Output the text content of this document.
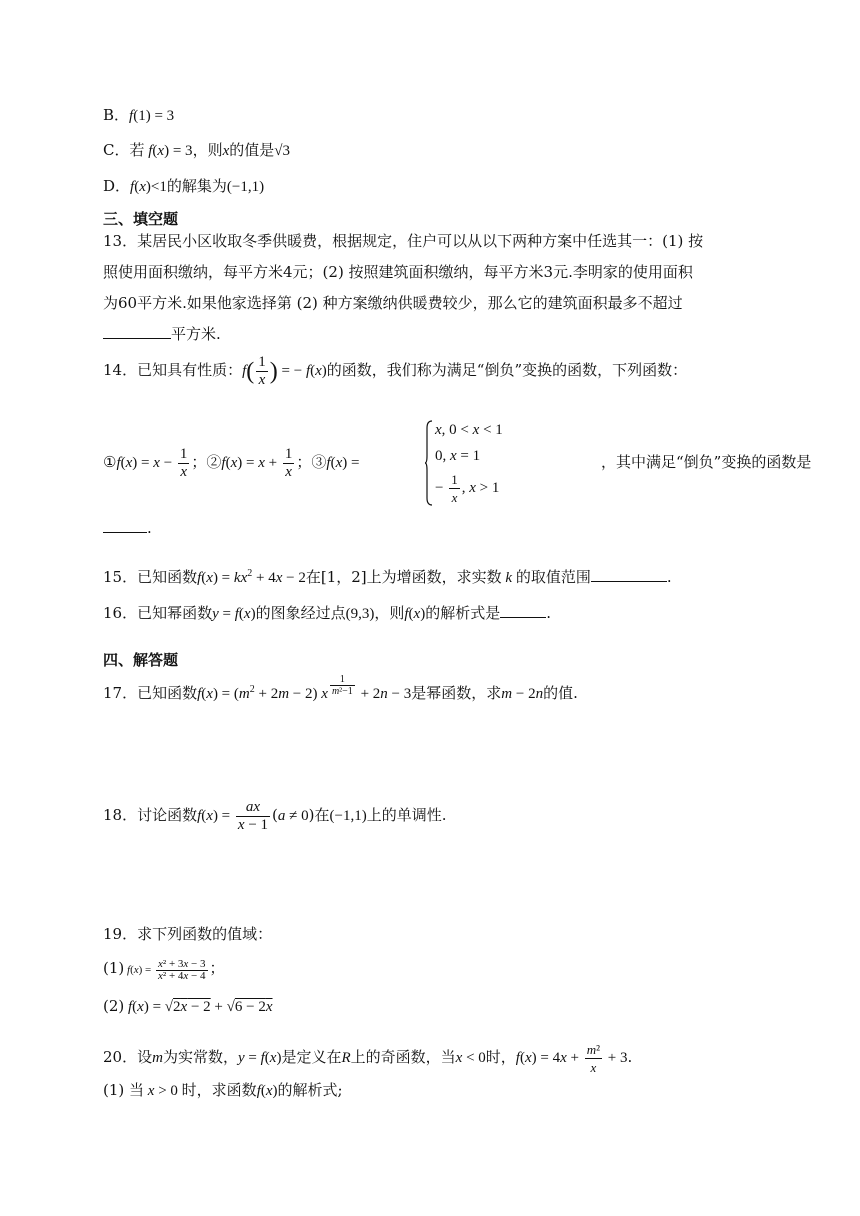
B．f(1) = 3
C．若 f(x) = 3，则x的值是√3
D．f(x)<1的解集为(−1,1)
三、填空题
13．某居民小区收取冬季供暖费，根据规定，住户可以从以下两种方案中任选其一：(1) 按
照使用面积缴纳，每平方米4元；(2) 按照建筑面积缴纳，每平方米3元.李明家的使用面积
为60平方米.如果他家选择第 (2) 种方案缴纳供暖费较少，那么它的建筑面积最多不超过
平方米.
14．已知具有性质：$f( \frac{1}{x}$ ) = − f(x)的函数，我们称为满足“倒负”变换的函数，下列函数：
①f(x) = $x - \frac{1}{x}$ ；②f(x) = $x + \frac{1}{x}$ ；③f(x) =
x, 0 < x < 1
0, x = 1
− $\frac{1}{x}$ , x > 1
，其中满足“倒负”变换的函数是
.
15．已知函数$f(x) = kx^2 + 4x - 2$在[1，2]上为增函数，求实数 k 的取值范围	.
16．已知幂函数y = f(x)的图象经过点(9,3)，则f(x)的解析式是	.
四、解答题
17．已知函数$f(x) = (m^2 + 2m - 2)$ x $^{\frac{1}{\text{m²−1}}}$ + 2n − 3是幂函数，求m − 2n的值.
18．讨论函数$f(x) = \frac{ax}{x - 1} (a \ne 0)$在(−1,1)上的单调性.
19．求下列函数的值域：
(1) $f(x) = \frac{\text{x² + 3x − 3}}{\text{x² + 4x − 4}}$ ；
(2) f(x) = √2x − 2 + √6 − 2x
20．设m为实常数，y = f(x)是定义在R上的奇函数，当x < 0时，$f(x) = 4x + \frac{\text{m²}}{x} + 3$.
(1) 当 x > 0 时，求函数f(x)的解析式;
